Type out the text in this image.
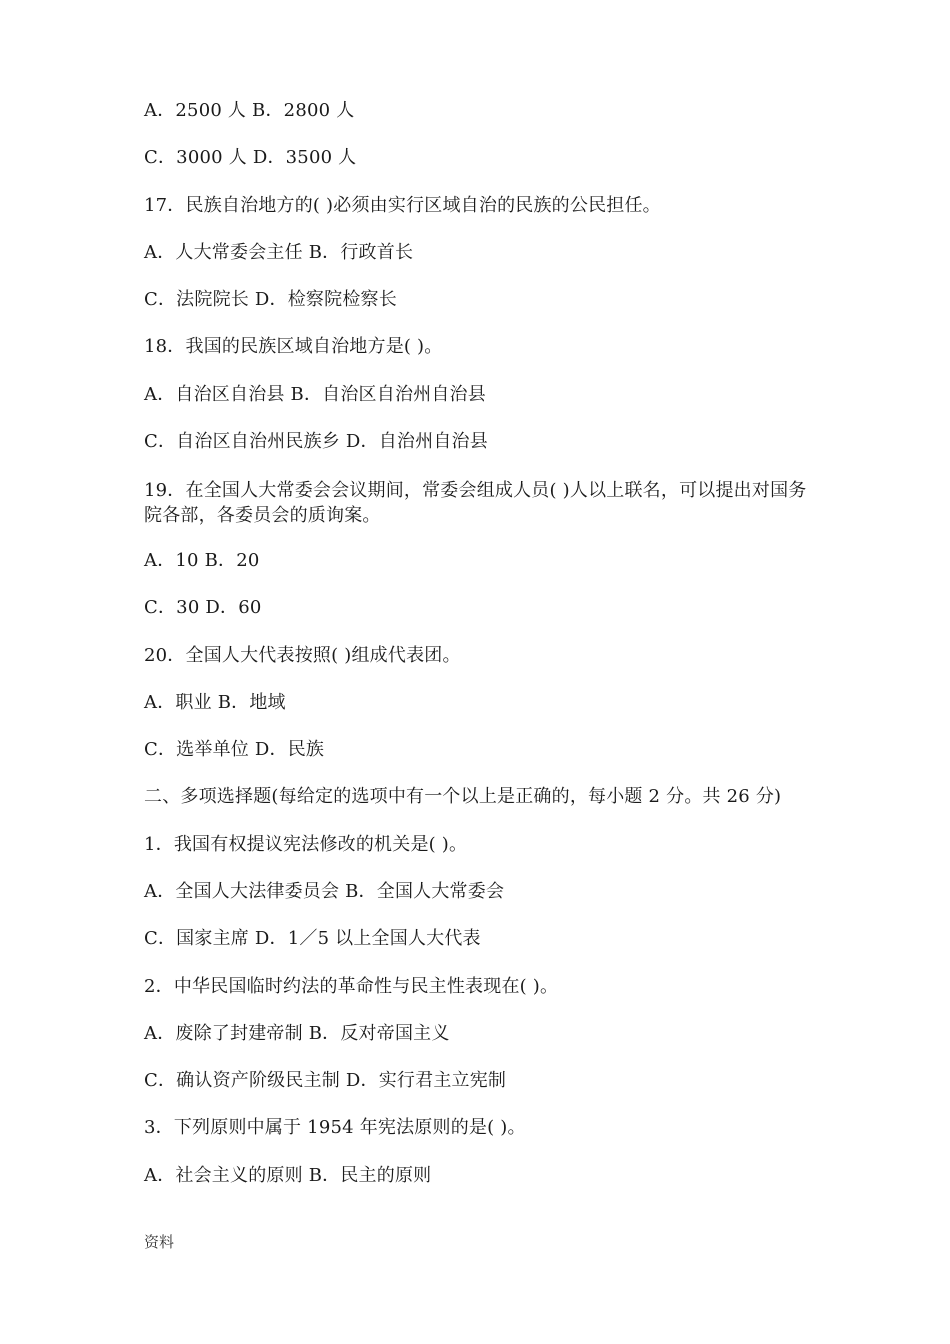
A．2500 人 B．2800 人
C．3000 人 D．3500 人
17．民族自治地方的( )必须由实行区域自治的民族的公民担任。
A．人大常委会主任 B．行政首长
C．法院院长 D．检察院检察长
18．我国的民族区域自治地方是( )。
A．自治区自治县 B．自治区自治州自治县
C．自治区自治州民族乡 D．自治州自治县
19．在全国人大常委会会议期间，常委会组成人员( )人以上联名，可以提出对国务院各部，各委员会的质询案。
A．10 B．20
C．30 D．60
20．全国人大代表按照( )组成代表团。
A．职业 B．地域
C．选举单位 D．民族
二、多项选择题(每给定的选项中有一个以上是正确的，每小题 2 分。共 26 分)
1．我国有权提议宪法修改的机关是( )。
A．全国人大法律委员会 B．全国人大常委会
C．国家主席 D．1／5 以上全国人大代表
2．中华民国临时约法的革命性与民主性表现在( )。
A．废除了封建帝制 B．反对帝国主义
C．确认资产阶级民主制 D．实行君主立宪制
3．下列原则中属于 1954 年宪法原则的是( )。
A．社会主义的原则 B．民主的原则
资料
